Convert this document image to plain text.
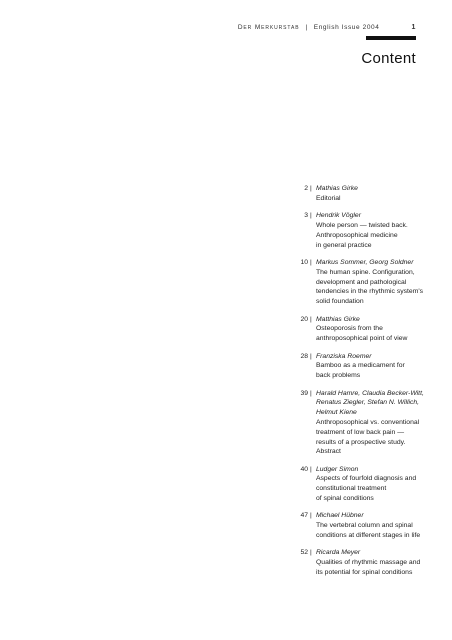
Der Merkurstab | English Issue 2004	1
Content
2 | Mathias Girke
Editorial
3 | Hendrik Vögler
Whole person — twisted back.
Anthroposophical medicine
in general practice
10 | Markus Sommer, Georg Soldner
The human spine. Configuration,
development and pathological
tendencies in the rhythmic system's
solid foundation
20 | Matthias Girke
Osteoporosis from the
anthroposophical point of view
28 | Franziska Roemer
Bamboo as a medicament for
back problems
39 | Harald Hamre, Claudia Becker-Witt,
Renatus Ziegler, Stefan N. Willich,
Helmut Kiene
Anthroposophical vs. conventional
treatment of low back pain —
results of a prospective study.
Abstract
40 | Ludger Simon
Aspects of fourfold diagnosis and
constitutional treatment
of spinal conditions
47 | Michael Hübner
The vertebral column and spinal
conditions at different stages in life
52 | Ricarda Meyer
Qualities of rhythmic massage and
its potential for spinal conditions
